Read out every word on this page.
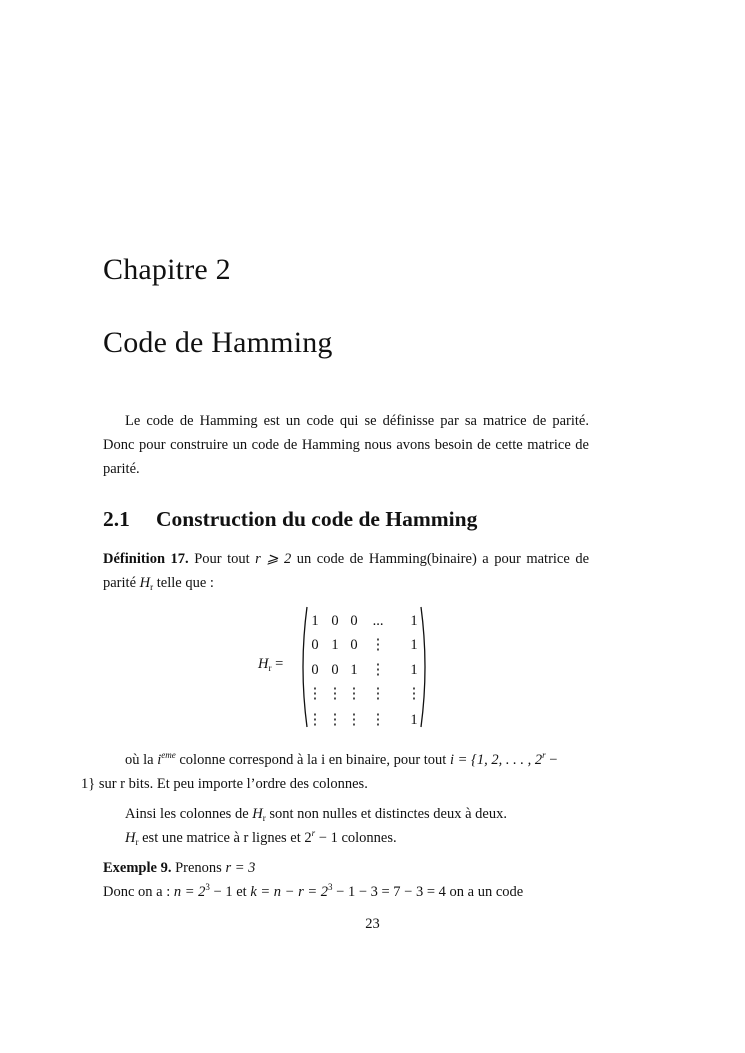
Chapitre 2
Code de Hamming
Le code de Hamming est un code qui se définisse par sa matrice de parité. Donc pour construire un code de Hamming nous avons besoin de cette matrice de parité.
2.1 Construction du code de Hamming
Définition 17. Pour tout r ⩾ 2 un code de Hamming(binaire) a pour matrice de parité $H_r$ telle que :
$H_r$ =
1 0 0 ... 1
0 1 0 ⋮ 1
0 0 1 ⋮ 1
⋮ ⋮ ⋮ ⋮ ⋮
⋮ ⋮ ⋮ ⋮ 1
où la $i^{eme}$ colonne correspond à la i en binaire, pour tout i = {1, 2, . . . , $2^r$ −
1} sur r bits. Et peu importe l’ordre des colonnes.
Ainsi les colonnes de $H_r$ sont non nulles et distinctes deux à deux.
$H_r$ est une matrice à r lignes et $2^r - 1$ colonnes.
Exemple 9. Prenons r = 3
Donc on a : $n = 2^3 - 1$ et $k = n - r = 2^3 - 1 - 3 = 7 - 3 = 4$ on a un code
23
